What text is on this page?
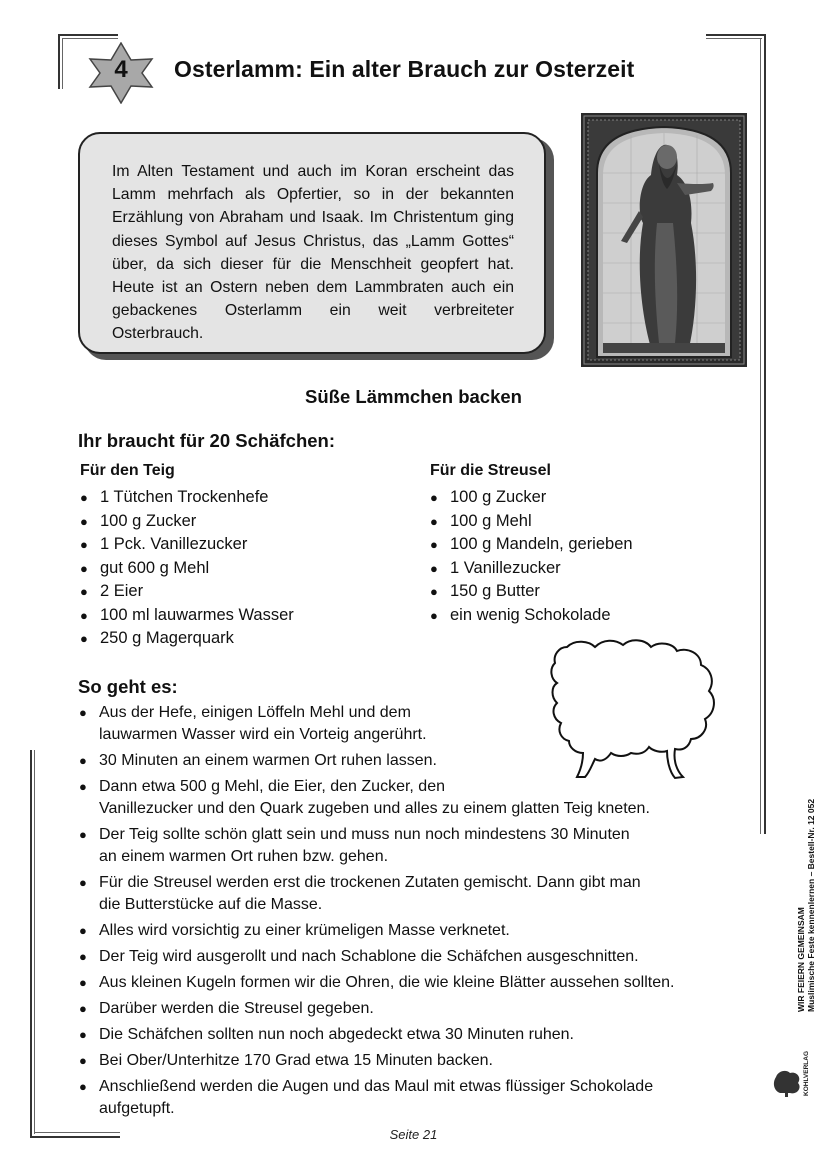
4	Osterlamm: Ein alter Brauch zur Osterzeit
Im Alten Testament und auch im Koran erscheint das Lamm mehrfach als Opfertier, so in der bekannten Erzählung von Abraham und Isaak. Im Christentum ging dieses Symbol auf Jesus Christus, das „Lamm Gottes“ über, da sich dieser für die Menschheit geopfert hat. Heute ist an Ostern neben dem Lammbraten auch ein gebackenes Osterlamm ein weit verbreiteter Osterbrauch.
Süße Lämmchen backen
Ihr braucht für 20 Schäfchen:
Für den Teig
● 1 Tütchen Trockenhefe
● 100 g Zucker
● 1 Pck. Vanillezucker
● gut 600 g Mehl
● 2 Eier
● 100 ml lauwarmes Wasser
● 250 g Magerquark
Für die Streusel
● 100 g Zucker
● 100 g Mehl
● 100 g Mandeln, gerieben
● 1 Vanillezucker
● 150 g Butter
● ein wenig Schokolade
So geht es:
● Aus der Hefe, einigen Löffeln Mehl und dem
lauwarmen Wasser wird ein Vorteig angerührt.
● 30 Minuten an einem warmen Ort ruhen lassen.
● Dann etwa 500 g Mehl, die Eier, den Zucker, den
Vanillezucker und den Quark zugeben und alles zu einem glatten Teig kneten.
● Der Teig sollte schön glatt sein und muss nun noch mindestens 30 Minuten
an einem warmen Ort ruhen bzw. gehen.
● Für die Streusel werden erst die trockenen Zutaten gemischt. Dann gibt man
die Butterstücke auf die Masse.
● Alles wird vorsichtig zu einer krümeligen Masse verknetet.
● Der Teig wird ausgerollt und nach Schablone die Schäfchen ausgeschnitten.
● Aus kleinen Kugeln formen wir die Ohren, die wie kleine Blätter aussehen sollten.
● Darüber werden die Streusel gegeben.
● Die Schäfchen sollten nun noch abgedeckt etwa 30 Minuten ruhen.
● Bei Ober/Unterhitze 170 Grad etwa 15 Minuten backen.
● Anschließend werden die Augen und das Maul mit etwas flüssiger Schokolade
aufgetupft.
WIR FEIERN GEMEINSAM Muslimische Feste kennenlernen – Bestell-Nr. 12 052
KOHLVERLAG
Seite 21
